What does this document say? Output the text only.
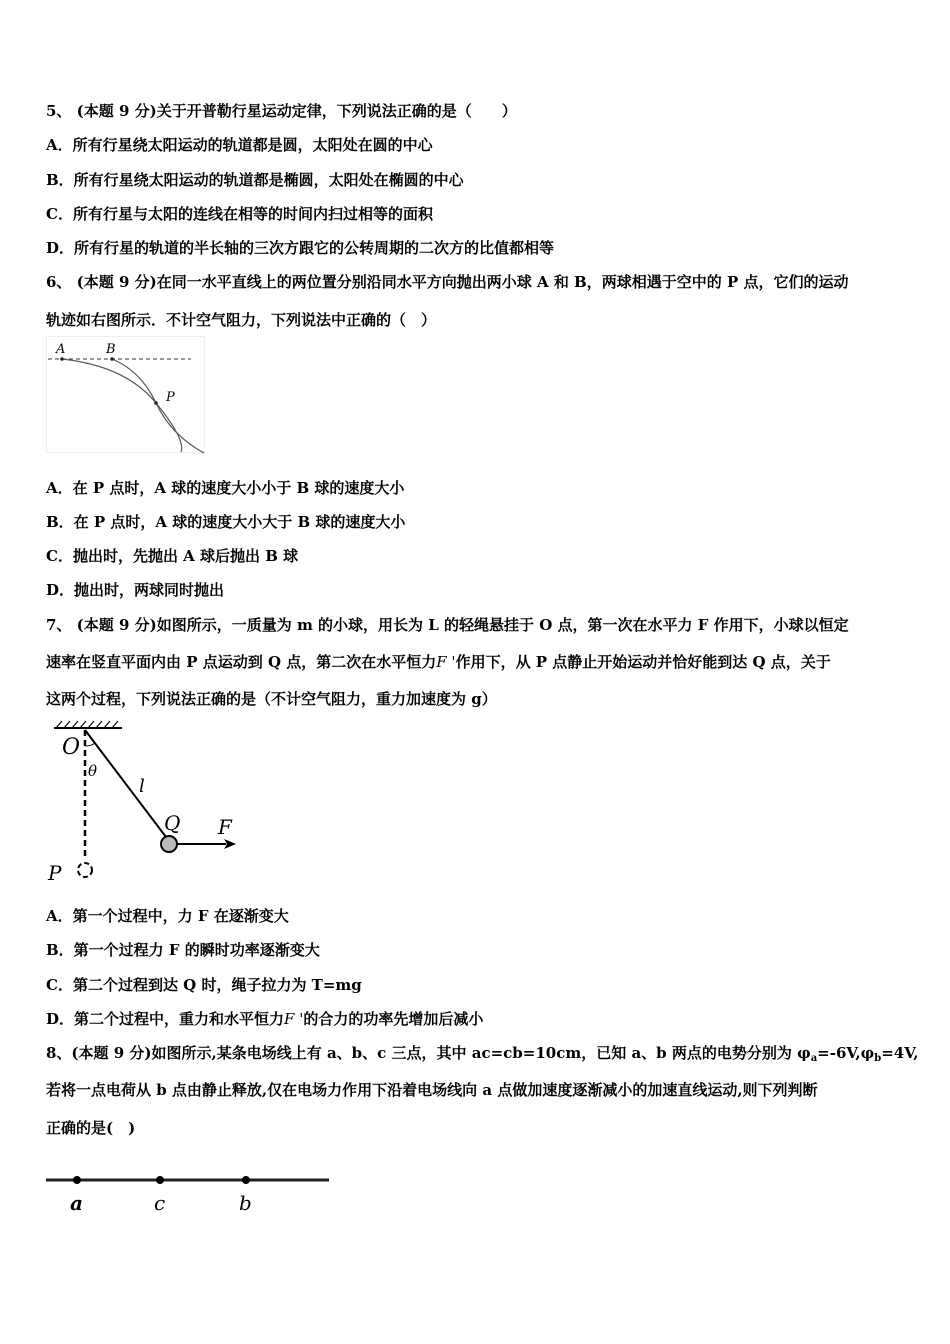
5、 (本题 9 分)关于开普勒行星运动定律，下列说法正确的是（　　）
A．所有行星绕太阳运动的轨道都是圆，太阳处在圆的中心
B．所有行星绕太阳运动的轨道都是椭圆，太阳处在椭圆的中心
C．所有行星与太阳的连线在相等的时间内扫过相等的面积
D．所有行星的轨道的半长轴的三次方跟它的公转周期的二次方的比值都相等
6、 (本题 9 分)在同一水平直线上的两位置分别沿同水平方向抛出两小球 A 和 B，两球相遇于空中的 P 点，它们的运动
轨迹如右图所示．不计空气阻力，下列说法中正确的（　）
A	B
P
A．在 P 点时，A 球的速度大小小于 B 球的速度大小
B．在 P 点时，A 球的速度大小大于 B 球的速度大小
C．抛出时，先抛出 A 球后抛出 B 球
D．抛出时，两球同时抛出
7、 (本题 9 分)如图所示，一质量为 m 的小球，用长为 L 的轻绳悬挂于 O 点，第一次在水平力 F 作用下，小球以恒定
速率在竖直平面内由 P 点运动到 Q 点，第二次在水平恒力F '作用下，从 P 点静止开始运动并恰好能到达 Q 点，关于
这两个过程，下列说法正确的是（不计空气阻力，重力加速度为 g）
O
θ
l
Q F
P
A．第一个过程中，力 F 在逐渐变大
B．第一个过程力 F 的瞬时功率逐渐变大
C．第二个过程到达 Q 时，绳子拉力为 T=mg
D．第二个过程中，重力和水平恒力F '的合力的功率先增加后减小
8、(本题 9 分)如图所示,某条电场线上有 a、b、c 三点，其中 ac=cb=10cm，已知 a、b 两点的电势分别为 $\varphi_a=-6V,\varphi_b=4V$,
若将一点电荷从 b 点由静止释放,仅在电场力作用下沿着电场线向 a 点做加速度逐渐减小的加速直线运动,则下列判断
正确的是(　)
a	c	b
